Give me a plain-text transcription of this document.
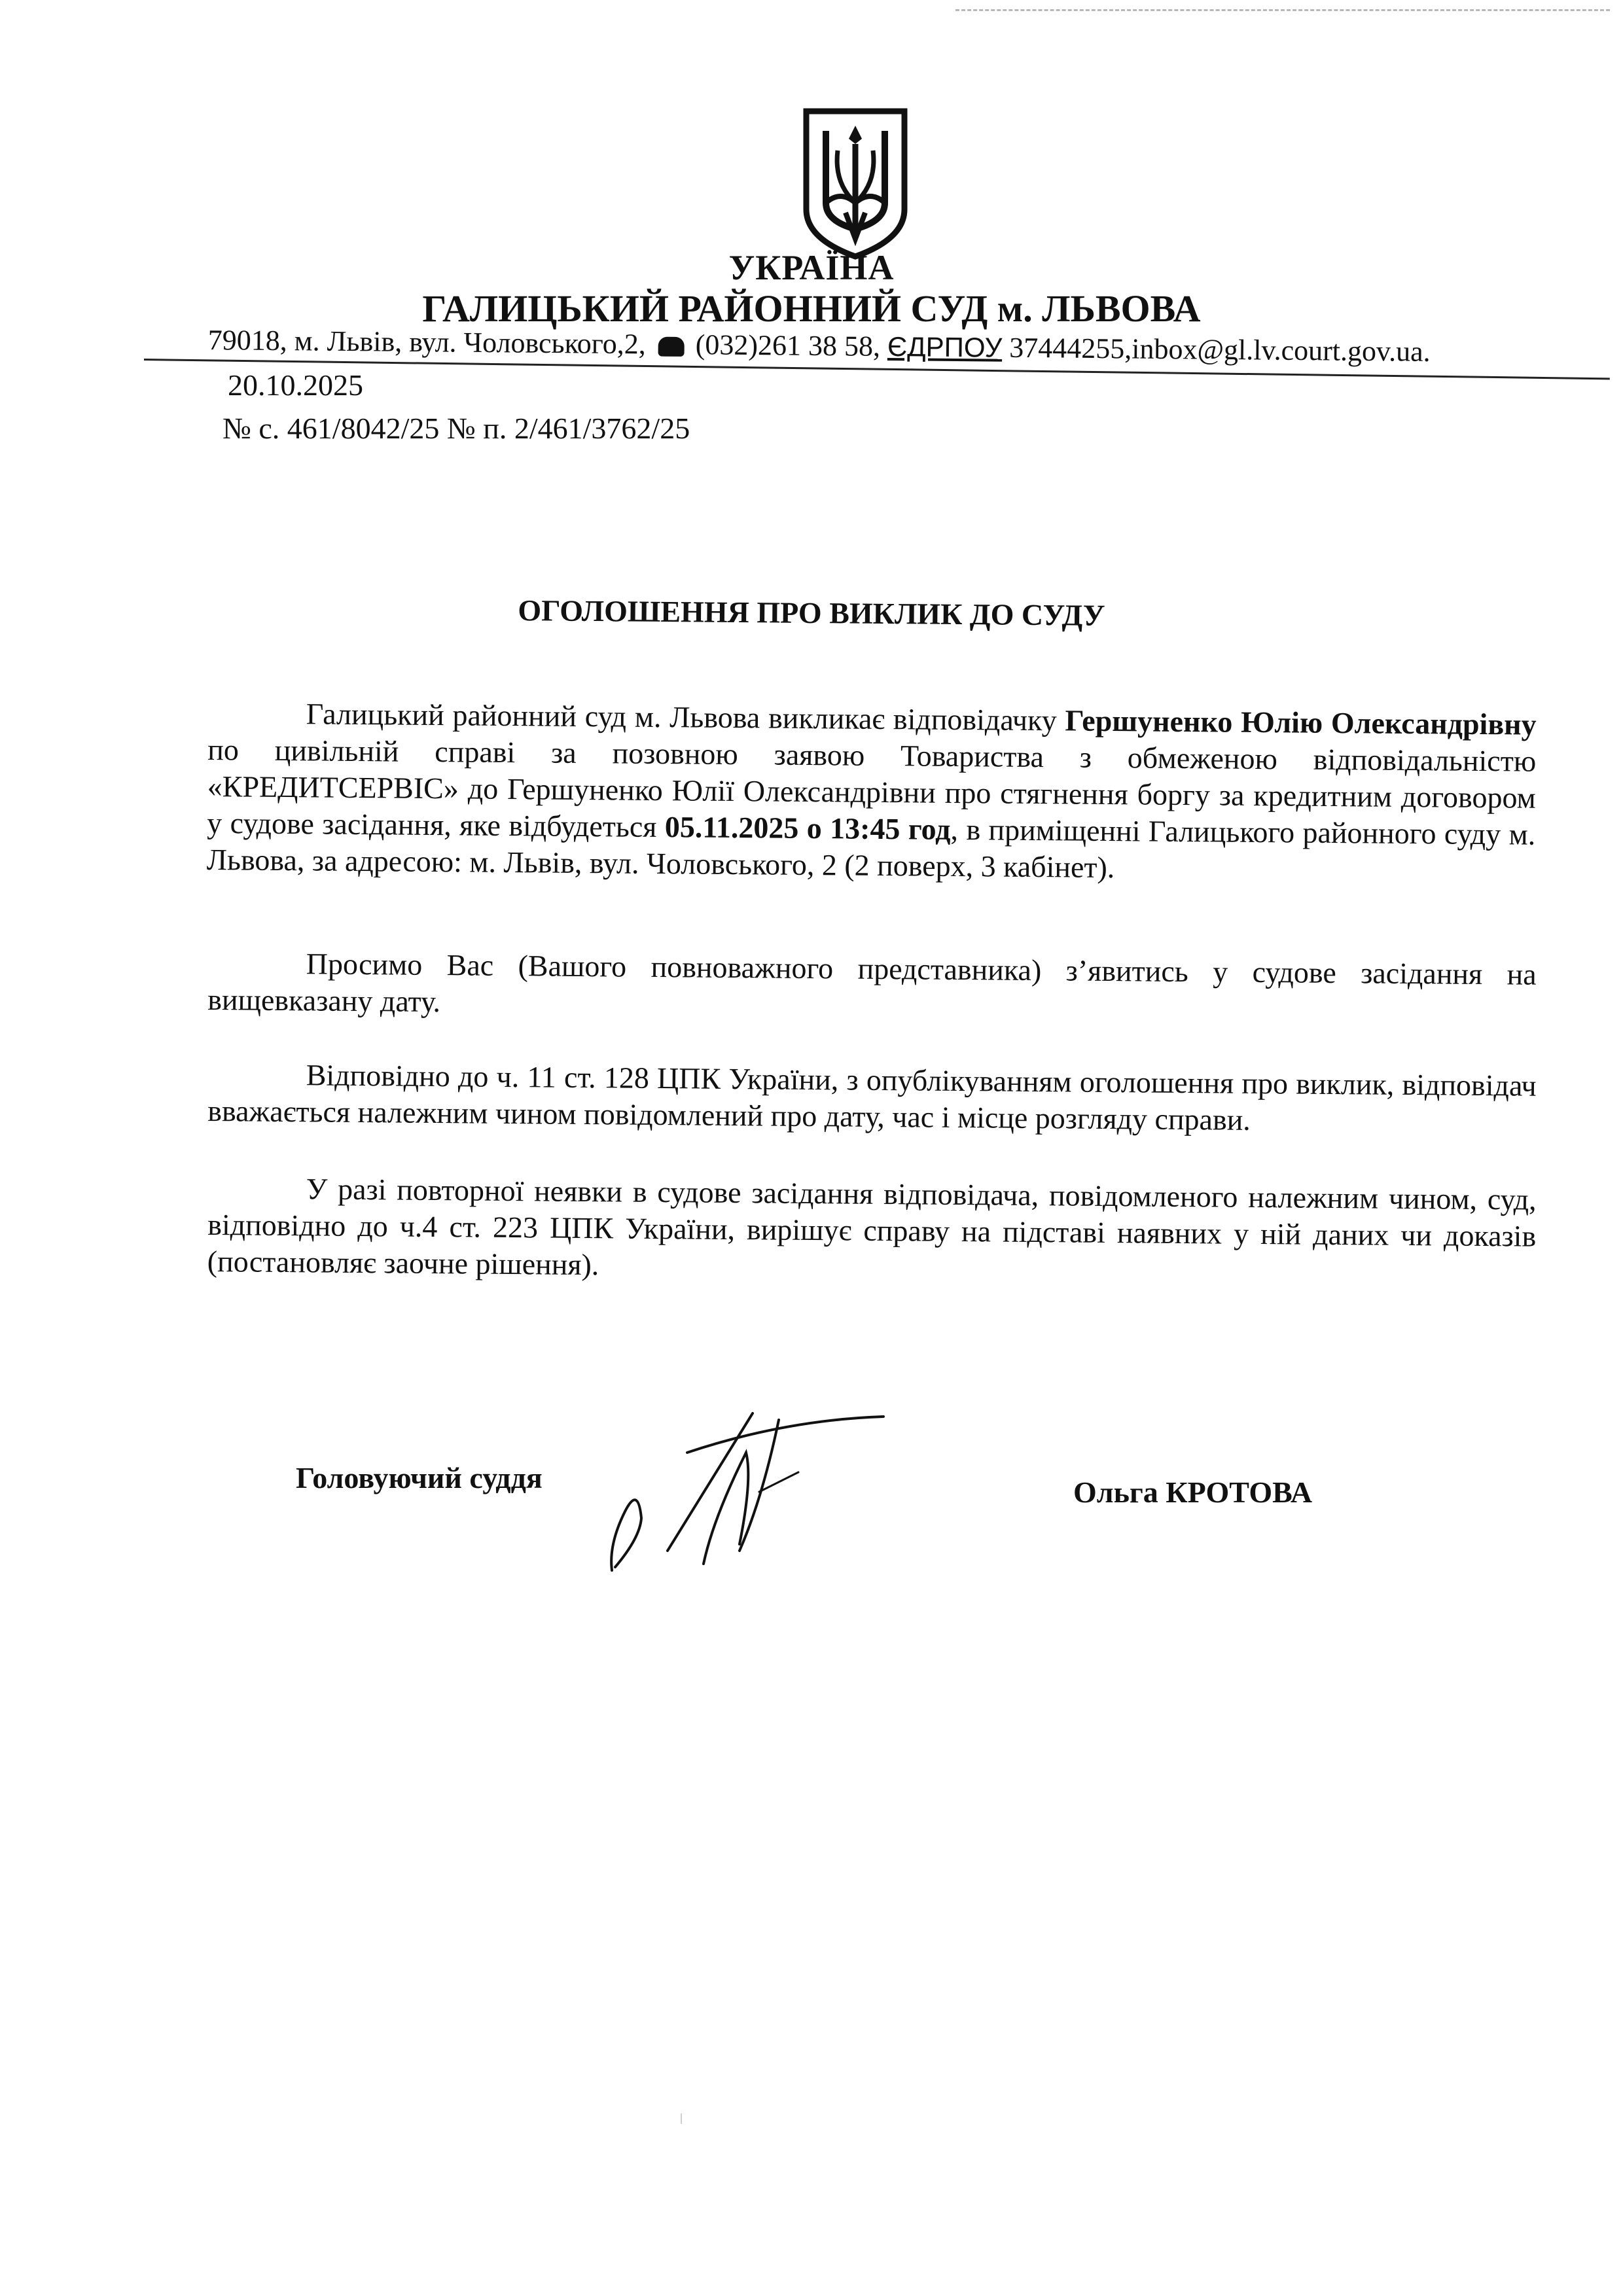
УКРАЇНА
ГАЛИЦЬКИЙ РАЙОННИЙ СУД м. ЛЬВОВА
79018, м. Львів, вул. Чоловського,2, (032)261 38 58, ЄДРПОУ 37444255,inbox@gl.lv.court.gov.ua.
20.10.2025
№ с. 461/8042/25 № п. 2/461/3762/25
ОГОЛОШЕННЯ ПРО ВИКЛИК ДО СУДУ
Галицький районний суд м. Львова викликає відповідачку Гершуненко Юлію Олександрівну по цивільній справі за позовною заявою Товариства з обмеженою відповідальністю «КРЕДИТСЕРВІС» до Гершуненко Юлії Олександрівни про стягнення боргу за кредитним договором у судове засідання, яке відбудеться 05.11.2025 о 13:45 год, в приміщенні Галицького районного суду м. Львова, за адресою: м. Львів, вул. Чоловського, 2 (2 поверх, 3 кабінет).
Просимо Вас (Вашого повноважного представника) з’явитись у судове засідання на вищевказану дату.
Відповідно до ч. 11 ст. 128 ЦПК України, з опублікуванням оголошення про виклик, відповідач вважається належним чином повідомлений про дату, час і місце розгляду справи.
У разі повторної неявки в судове засідання відповідача, повідомленого належним чином, суд, відповідно до ч.4 ст. 223 ЦПК України, вирішує справу на підставі наявних у ній даних чи доказів (постановляє заочне рішення).
Головуючий суддя	Ольга КРОТОВА
